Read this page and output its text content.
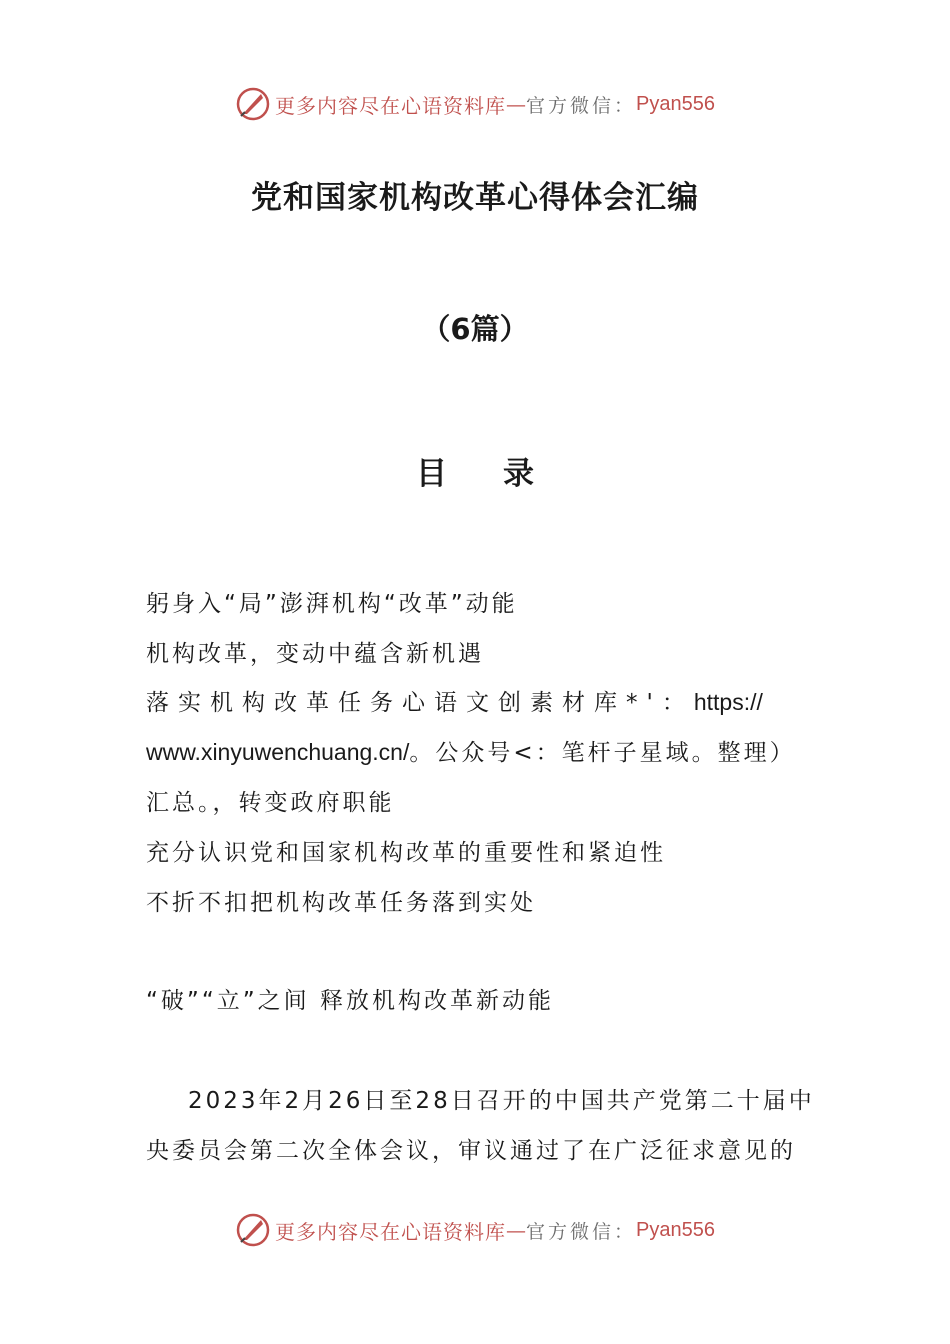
更多内容尽在心语资料库 — 官方微信： Pyan556
党和国家机构改革心得体会汇编
（6篇）
目 录
躬身入“局”澎湃机构“改革”动能
机构改革，变动中蕴含新机遇
落实机构改革任务心语文创素材库*'：https://
www.xinyuwenchuang.cn/。公众号<：笔杆子星域。整理）
汇总。，转变政府职能
充分认识党和国家机构改革的重要性和紧迫性
不折不扣把机构改革任务落到实处
“破”“立”之间 释放机构改革新动能
2023年2月26日至28日召开的中国共产党第二十届中
央委员会第二次全体会议，审议通过了在广泛征求意见的
更多内容尽在心语资料库 — 官方微信： Pyan556
